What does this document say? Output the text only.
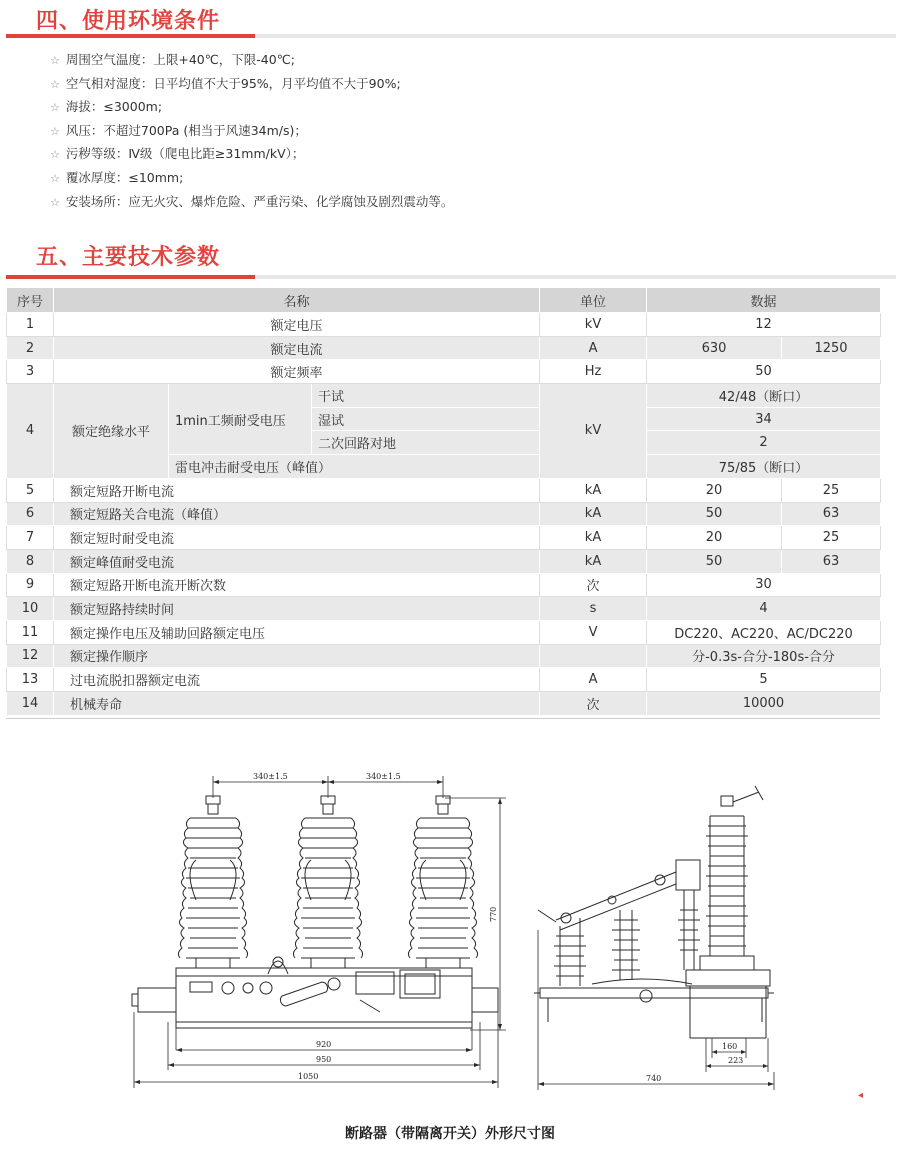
四、使用环境条件
☆ 周围空气温度：上限+40℃，下限-40℃;
☆ 空气相对湿度：日平均值不大于95%，月平均值不大于90%;
☆ 海拔：≤3000m;
☆ 风压：不超过700Pa (相当于风速34m/s)；
☆ 污秽等级：Ⅳ级（爬电比距≥31mm/kV）；
☆ 覆冰厚度：≤10mm;
☆ 安装场所：应无火灾、爆炸危险、严重污染、化学腐蚀及剧烈震动等。
五、主要技术参数
序号	名称			单位	数据	
1	额定电压			kV	12	
2	额定电流			A	630	1250
3	额定频率			Hz	50	
4	额定绝缘水平	1min工频耐受电压	干试	kV	42/48（断口）	
			湿试		34	
			二次回路对地		2	
		雷电冲击耐受电压（峰值）			75/85（断口）	
5	额定短路开断电流			kA	20	25
6	额定短路关合电流（峰值）			kA	50	63
7	额定短时耐受电流			kA	20	25
8	额定峰值耐受电流			kA	50	63
9	额定短路开断电流开断次数			次	30	
10	额定短路持续时间			s	4	
11	额定操作电压及辅助回路额定电压			V	DC220、AC220、AC/DC220	
12	额定操作顺序				分-0.3s-合分-180s-合分	
13	过电流脱扣器额定电流			A	5	
14	机械寿命			次	10000	
340±1.5	340±1.5
770
920
950
1050
160
223
740
◂
断路器（带隔离开关）外形尺寸图
